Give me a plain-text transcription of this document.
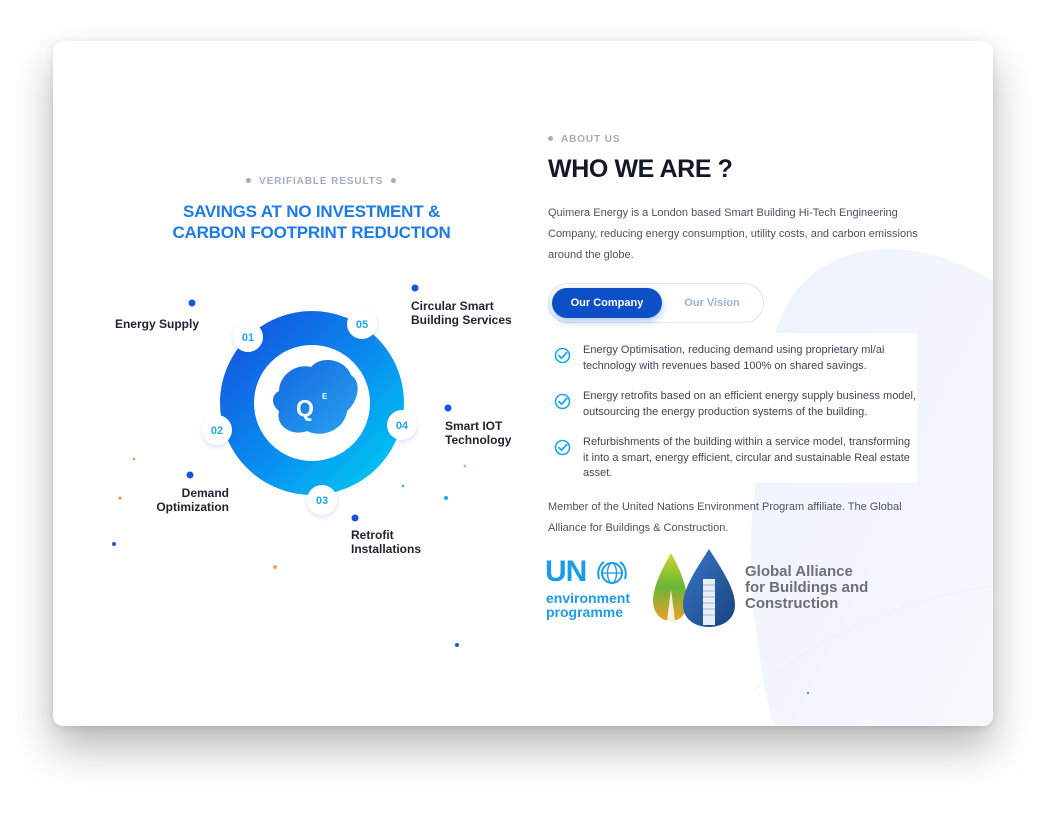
VERIFIABLE RESULTS
SAVINGS AT NO INVESTMENT &
CARBON FOOTPRINT REDUCTION
Q E
01
05
04
03
02
Energy Supply
Circular Smart
Building Services
Smart IOT
Technology
Demand
Optimization
Retrofit
Installations
ABOUT US
WHO WE ARE ?

Quimera Energy is a London based Smart Building Hi-Tech Engineering Company, reducing energy consumption, utility costs, and carbon emissions around the globe.

Our Company	Our Vision
Energy Optimisation, reducing demand using proprietary ml/ai technology with revenues based 100% on shared savings.
Energy retrofits based on an efficient energy supply business model, outsourcing the energy production systems of the building.
Refurbishments of the building within a service model, transforming it into a smart, energy efficient, circular and sustainable Real estate asset.

Member of the United Nations Environment Program affiliate. The Global Alliance for Buildings & Construction.

UN
environment
programme
Global Alliance
for Buildings and
Construction
